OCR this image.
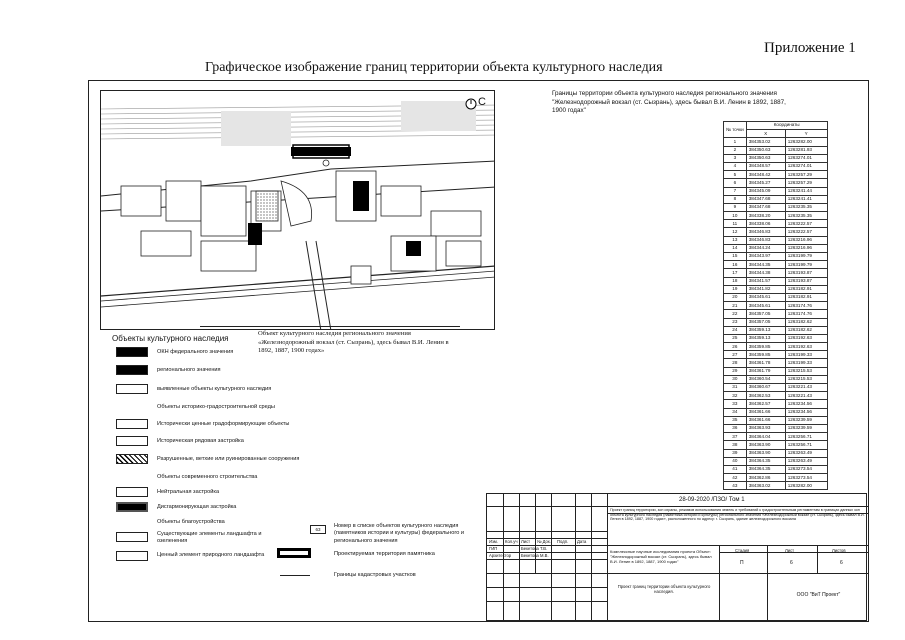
Приложение 1
Графическое изображение границ территории объекта культурного наследия
С
Объект культурного наследия регионального значения «Железнодорожный вокзал (ст. Сызрань), здесь бывал В.И. Ленин в 1892, 1887, 1900 годах»
Границы территории объекта культурного наследия регионального значения "Железнодорожный вокзал (ст. Сызрань), здесь бывал В.И. Ленин в 1892, 1887, 1900 годах"
№ точки	Координаты	
	X	Y
1	384353.02	1263282.00
2	384350.63	1263281.93
3	384350.63	1263274.01
4	384348.57	1263274.01
5	384348.42	1263257.29
6	384345.27	1263257.29
7	384345.09	1263241.44
8	384347.68	1263241.41
9	384347.68	1263235.35
10	384338.20	1263235.35
11	384338.06	1263222.57
12	384346.83	1263222.57
13	384346.83	1263216.96
14	384344.24	1263216.96
15	384343.97	1263199.79
16	384344.35	1263199.79
17	384344.38	1263193.87
18	384341.57	1263193.87
19	384341.82	1263182.91
20	384345.61	1263182.91
21	384345.61	1263174.76
22	384357.05	1263174.76
23	384357.05	1263182.62
24	384359.13	1263182.62
25	384359.13	1263192.63
26	384359.85	1263192.63
27	384359.85	1263199.33
28	384361.78	1263199.33
29	384361.79	1263215.53
30	384360.54	1263215.53
31	384360.67	1263221.43
32	384362.53	1263221.43
33	384362.57	1263234.56
34	384361.66	1263234.56
35	384361.66	1263239.59
36	384363.93	1263239.59
37	384364.04	1263256.71
38	384363.90	1263256.71
39	384363.90	1263263.49
40	384364.35	1263263.49
41	384364.35	1263273.54
42	384362.86	1263273.54
43	384363.02	1263282.00
Объекты культурного наследия
ОКН федерального значения
регионального значения
выявленные объекты культурного наследия
Объекты историко-градостроительной среды
Исторически ценные градоформирующие объекты
Историческая рядовая застройка
Разрушенные, ветхие или руинированные сооружения
Объекты современного строительства
Нейтральная застройка
Дисгармонирующая застройка
Объекты благоустройства
Существующие элементы ландшафта и озеленения
Ценный элемент природного ландшафта
63
Номер в списке объектов культурного наследия (памятников истории и культуры) федерального и регионального значения
Проектируемая территория памятника
Границы кадастровых участков
28-09-2020 /ПЗО/ Том 1
Проект границ территории, зон охраны, режимов использования земель и требований к градостроительным регламентам в границах данных зон объекта культурного наследия (памятника истории и культуры) регионального значения «Железнодорожный вокзал (ст. Сызрань), здесь бывал В.И. Ленин в 1892, 1887, 1900 годах», расположенного по адресу: г. Сызрань, здание железнодорожного вокзала
Изм. Кол.уч Лист № Док. Подп. Дата
ГИП	Бекетова Т.В.
Архитектор Бекетова М.В.
Комплексные научные исследования проекта Объект: "Железнодорожный вокзал (ст. Сызрань), здесь бывал В.И. Ленин в 1892, 1887, 1900 годах"
Стадия	Лист	Листов
П	6	6
Проект границ территории объекта культурного наследия.
ООО "ВиТ Проект"
